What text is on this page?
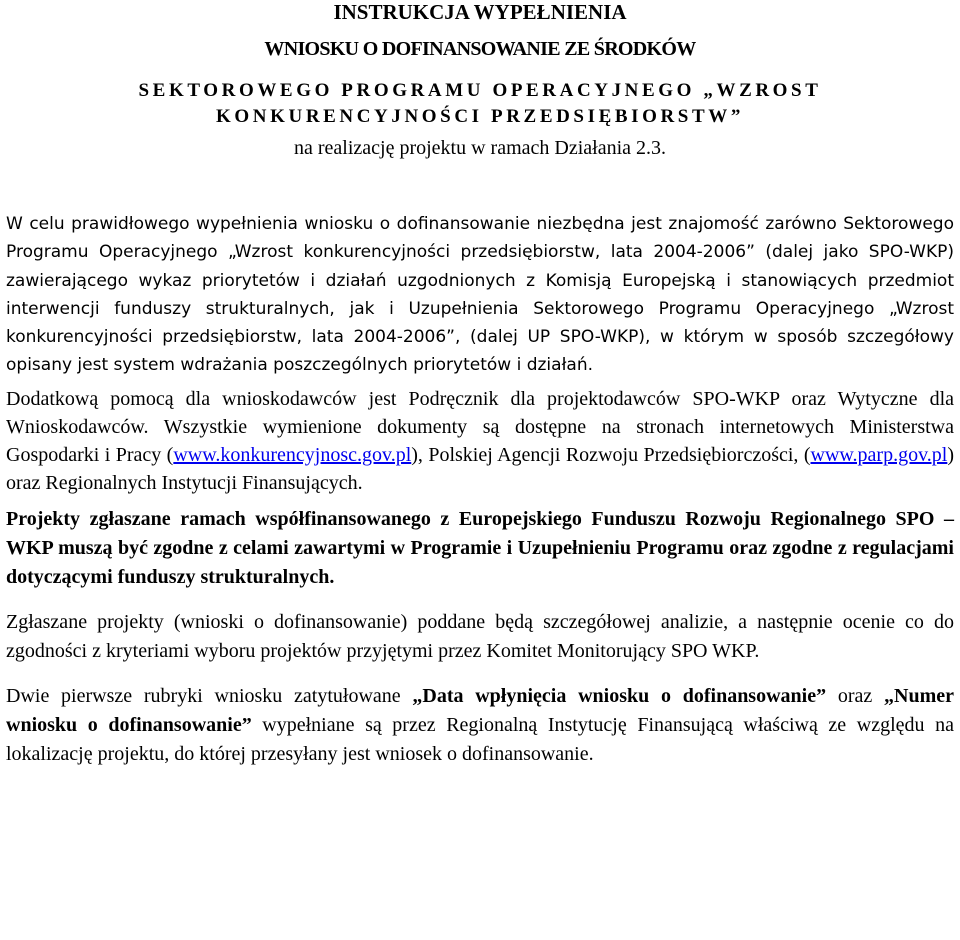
INSTRUKCJA WYPEŁNIENIA
WNIOSKU O DOFINANSOWANIE ZE ŚRODKÓW
SEKTOROWEGO PROGRAMU OPERACYJNEGO „WZROST KONKURENCYJNOŚCI PRZEDSIĘBIORSTW”
na realizację projektu w ramach Działania 2.3.

W celu prawidłowego wypełnienia wniosku o dofinansowanie niezbędna jest znajomość zarówno Sektorowego Programu Operacyjnego „Wzrost konkurencyjności przedsiębiorstw, lata 2004-2006” (dalej jako SPO-WKP) zawierającego wykaz priorytetów i działań uzgodnionych z Komisją Europejską i stanowiących przedmiot interwencji funduszy strukturalnych, jak i Uzupełnienia Sektorowego Programu Operacyjnego „Wzrost konkurencyjności przedsiębiorstw, lata 2004-2006”, (dalej UP SPO-WKP), w którym w sposób szczegółowy opisany jest system wdrażania poszczególnych priorytetów i działań.

Dodatkową pomocą dla wnioskodawców jest Podręcznik dla projektodawców SPO-WKP oraz Wytyczne dla Wnioskodawców. Wszystkie wymienione dokumenty są dostępne na stronach internetowych Ministerstwa Gospodarki i Pracy (www.konkurencyjnosc.gov.pl), Polskiej Agencji Rozwoju Przedsiębiorczości, (www.parp.gov.pl) oraz Regionalnych Instytucji Finansujących.

Projekty zgłaszane ramach współfinansowanego z Europejskiego Funduszu Rozwoju Regionalnego SPO – WKP muszą być zgodne z celami zawartymi w Programie i Uzupełnieniu Programu oraz zgodne z regulacjami dotyczącymi funduszy strukturalnych.

Zgłaszane projekty (wnioski o dofinansowanie) poddane będą szczegółowej analizie, a następnie ocenie co do zgodności z kryteriami wyboru projektów przyjętymi przez Komitet Monitorujący SPO WKP.

Dwie pierwsze rubryki wniosku zatytułowane „Data wpłynięcia wniosku o dofinansowanie” oraz „Numer wniosku o dofinansowanie” wypełniane są przez Regionalną Instytucję Finansującą właściwą ze względu na lokalizację projektu, do której przesyłany jest wniosek o dofinansowanie.
